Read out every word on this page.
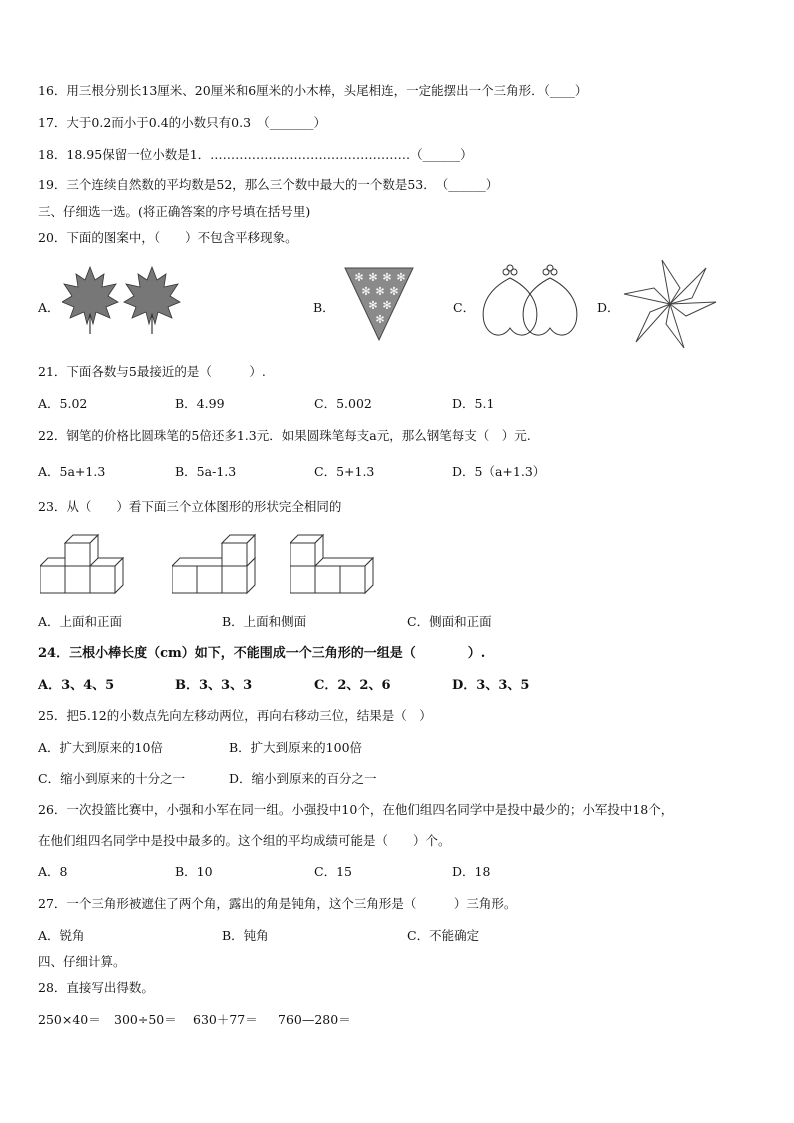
16．用三根分别长13厘米、20厘米和6厘米的小木棒，头尾相连，一定能摆出一个三角形．（____）
17．大于0.2而小于0.4的小数只有0.3　（_______）
18．18.95保留一位小数是1．…………………………………………（______）
19．三个连续自然数的平均数是52，那么三个数中最大的一个数是53．　（______）
三、仔细选一选。(将正确答案的序号填在括号里)
20．下面的图案中，（　　）不包含平移现象。
A．	B．
✻ ✻ ✻ ✻
✻ ✻ ✻
✻ ✻
✻
C．	D．
21．下面各数与5最接近的是（　　　）.
A．5.02	B．4.99	C．5.002	D．5.1
22．钢笔的价格比圆珠笔的5倍还多1.3元．如果圆珠笔每支a元，那么钢笔每支（　）元.
A．5a+1.3	B．5a-1.3	C．5+1.3	D．5（a+1.3）
23．从（　　）看下面三个立体图形的形状完全相同的
A．上面和正面	B．上面和侧面	C．侧面和正面
24．三根小棒长度（cm）如下，不能围成一个三角形的一组是（　　　　）.
A．3、4、5	B．3、3、3	C．2、2、6	D．3、3、5
25．把5.12的小数点先向左移动两位，再向右移动三位，结果是（　）
A．扩大到原来的10倍	B．扩大到原来的100倍
C．缩小到原来的十分之一	D．缩小到原来的百分之一
26．一次投篮比赛中，小强和小军在同一组。小强投中10个，在他们组四名同学中是投中最少的；小军投中18个，
在他们组四名同学中是投中最多的。这个组的平均成绩可能是（　　）个。
A．8	B．10	C．15	D．18
27．一个三角形被遮住了两个角，露出的角是钝角，这个三角形是（　　　）三角形。
A．锐角	B．钝角	C．不能确定
四、仔细计算。
28．直接写出得数。
250×40＝ 300÷50＝ 630＋77＝ 760—280＝
